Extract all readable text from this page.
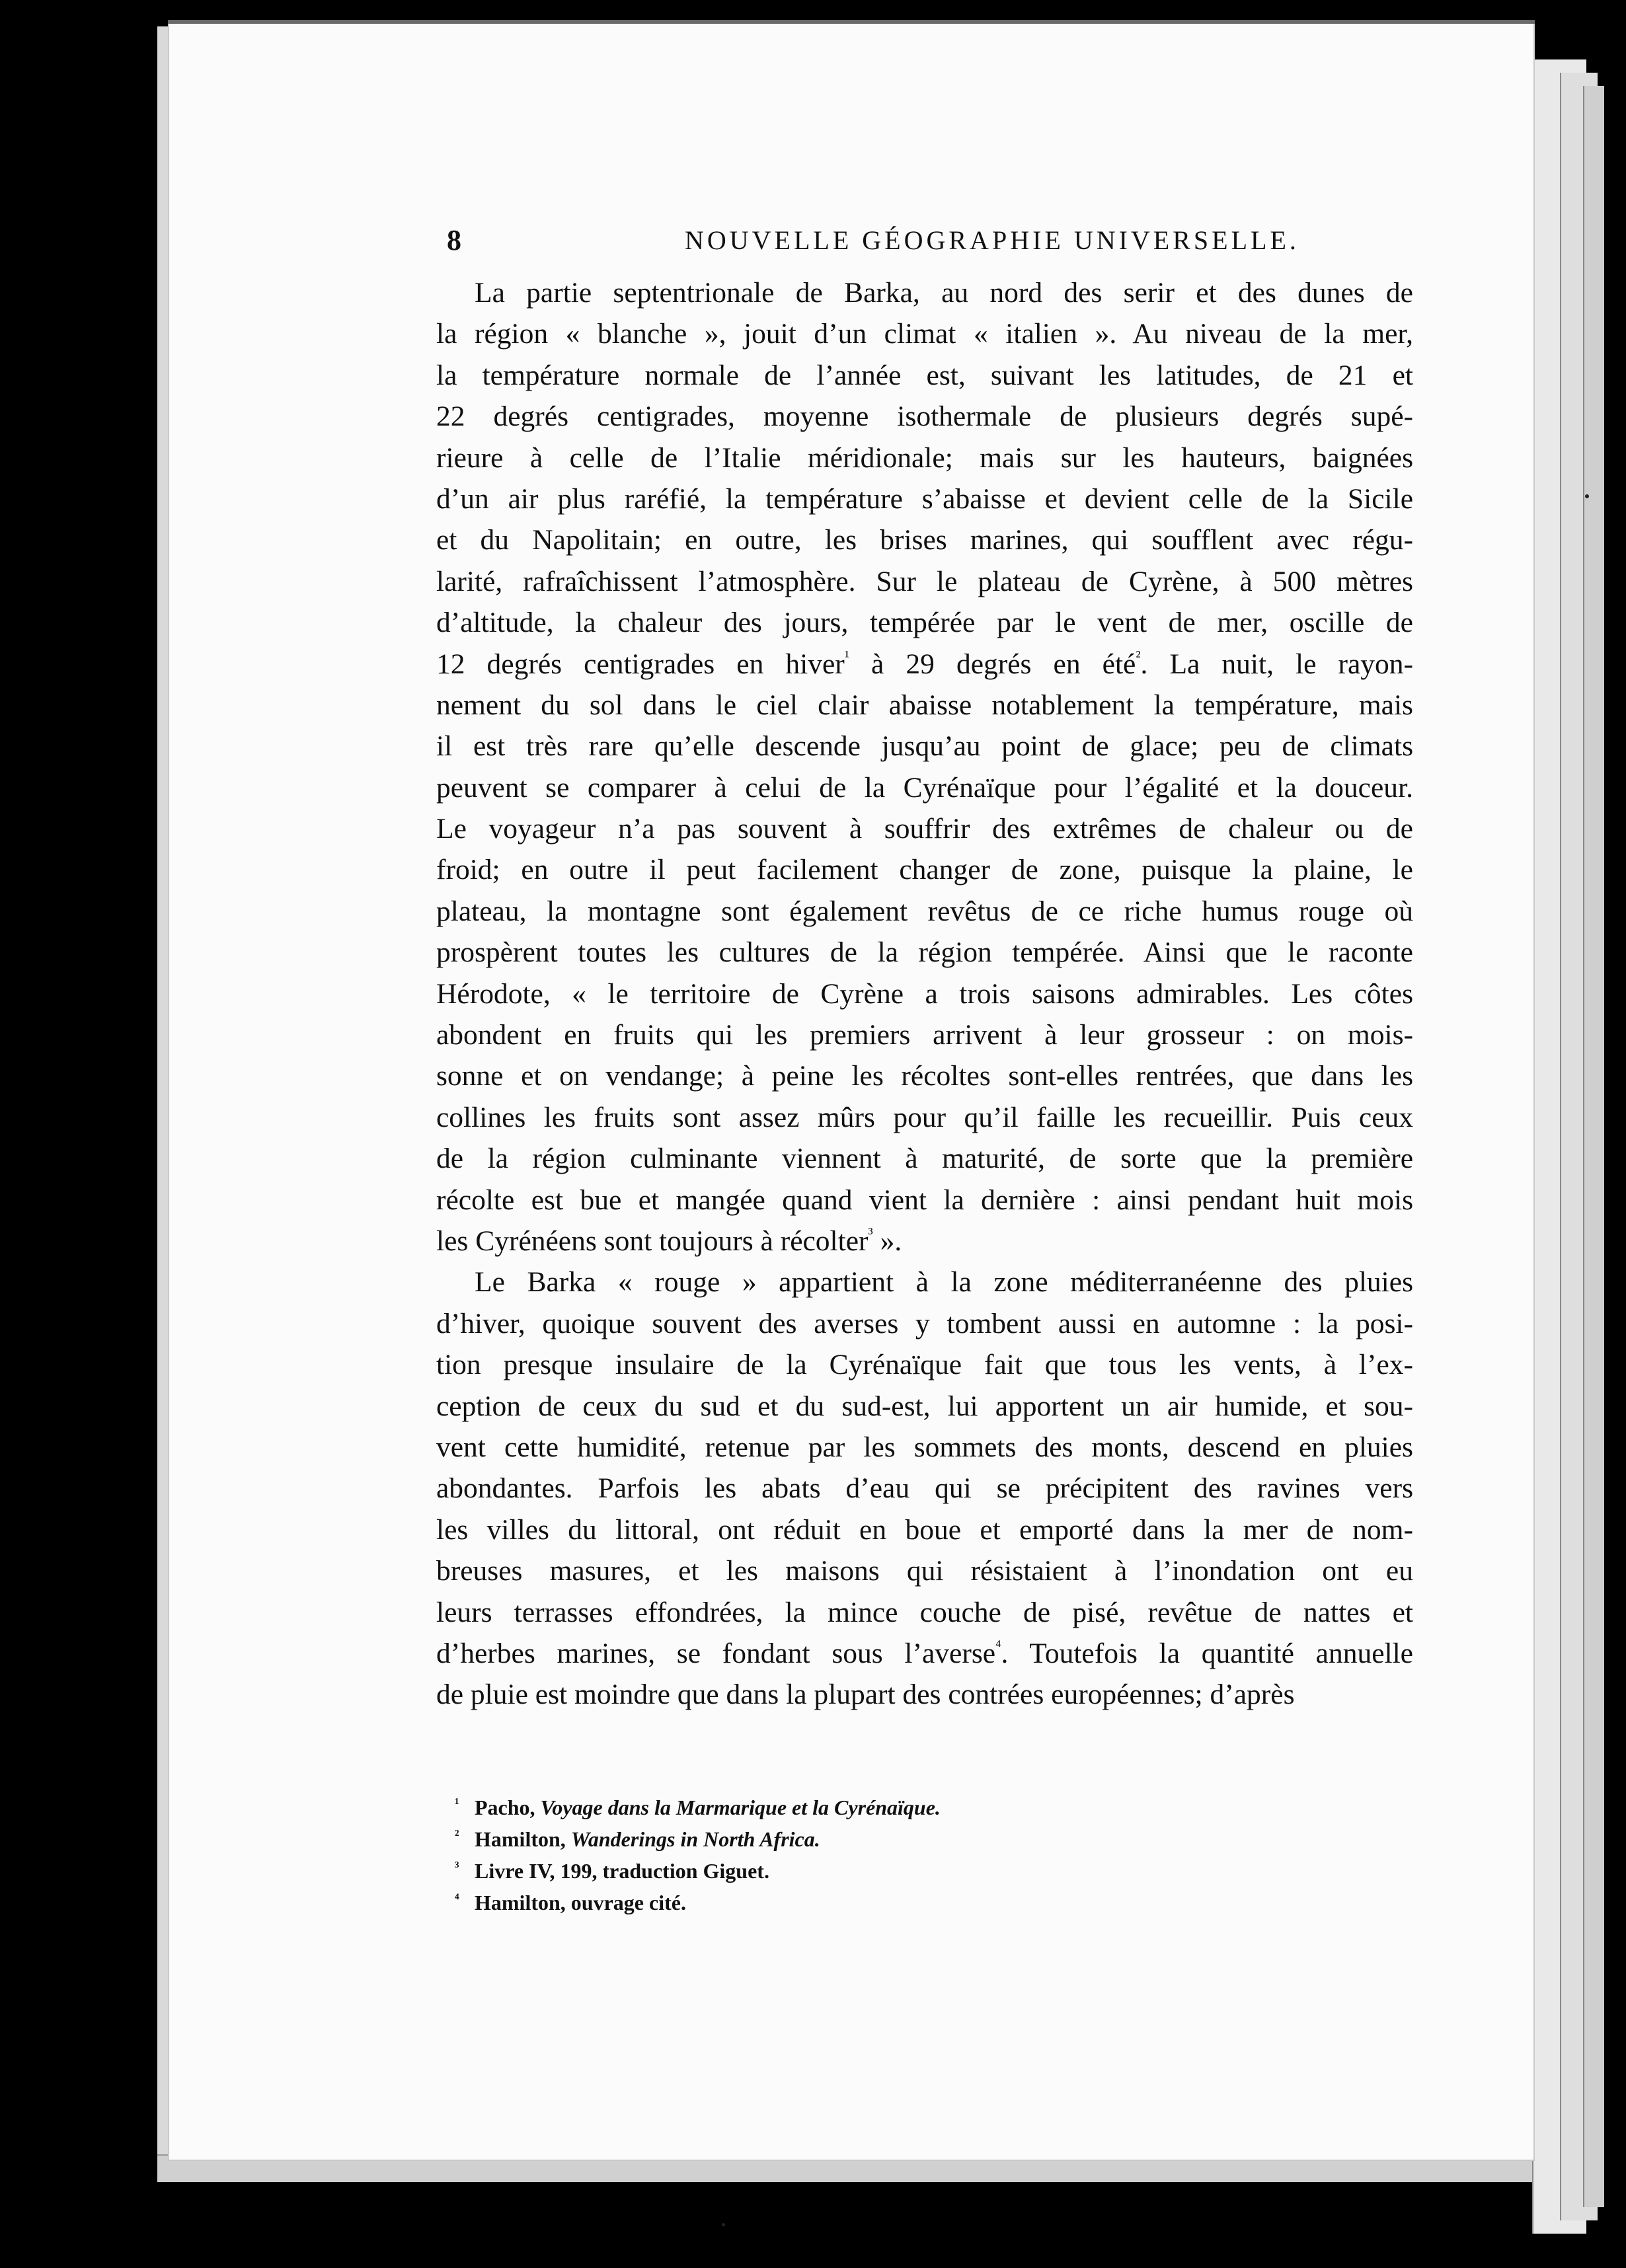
8	NOUVELLE GÉOGRAPHIE UNIVERSELLE.
La partie septentrionale de Barka, au nord des serir et des dunes de
la région « blanche », jouit d’un climat « italien ». Au niveau de la mer,
la température normale de l’année est, suivant les latitudes, de 21 et
22 degrés centigrades, moyenne isothermale de plusieurs degrés supé-
rieure à celle de l’Italie méridionale; mais sur les hauteurs, baignées
d’un air plus raréfié, la température s’abaisse et devient celle de la Sicile
et du Napolitain; en outre, les brises marines, qui soufflent avec régu-
larité, rafraîchissent l’atmosphère. Sur le plateau de Cyrène, à 500 mètres
d’altitude, la chaleur des jours, tempérée par le vent de mer, oscille de
12 degrés centigrades en hiver$^{^1}$ à 29 degrés en été$^{^2}$. La nuit, le rayon-
nement du sol dans le ciel clair abaisse notablement la température, mais
il est très rare qu’elle descende jusqu’au point de glace; peu de climats
peuvent se comparer à celui de la Cyrénaïque pour l’égalité et la douceur.
Le voyageur n’a pas souvent à souffrir des extrêmes de chaleur ou de
froid; en outre il peut facilement changer de zone, puisque la plaine, le
plateau, la montagne sont également revêtus de ce riche humus rouge où
prospèrent toutes les cultures de la région tempérée. Ainsi que le raconte
Hérodote, « le territoire de Cyrène a trois saisons admirables. Les côtes
abondent en fruits qui les premiers arrivent à leur grosseur : on mois-
sonne et on vendange; à peine les récoltes sont-elles rentrées, que dans les
collines les fruits sont assez mûrs pour qu’il faille les recueillir. Puis ceux
de la région culminante viennent à maturité, de sorte que la première
récolte est bue et mangée quand vient la dernière : ainsi pendant huit mois
les Cyrénéens sont toujours à récolter$^{^3}$ ».
Le Barka « rouge » appartient à la zone méditerranéenne des pluies
d’hiver, quoique souvent des averses y tombent aussi en automne : la posi-
tion presque insulaire de la Cyrénaïque fait que tous les vents, à l’ex-
ception de ceux du sud et du sud-est, lui apportent un air humide, et sou-
vent cette humidité, retenue par les sommets des monts, descend en pluies
abondantes. Parfois les abats d’eau qui se précipitent des ravines vers
les villes du littoral, ont réduit en boue et emporté dans la mer de nom-
breuses masures, et les maisons qui résistaient à l’inondation ont eu
leurs terrasses effondrées, la mince couche de pisé, revêtue de nattes et
d’herbes marines, se fondant sous l’averse$^{^4}$. Toutefois la quantité annuelle
de pluie est moindre que dans la plupart des contrées européennes; d’après
¹ Pacho, Voyage dans la Marmarique et la Cyrénaïque.
² Hamilton, Wanderings in North Africa.
³ Livre IV, 199, traduction Giguet.
⁴ Hamilton, ouvrage cité.
